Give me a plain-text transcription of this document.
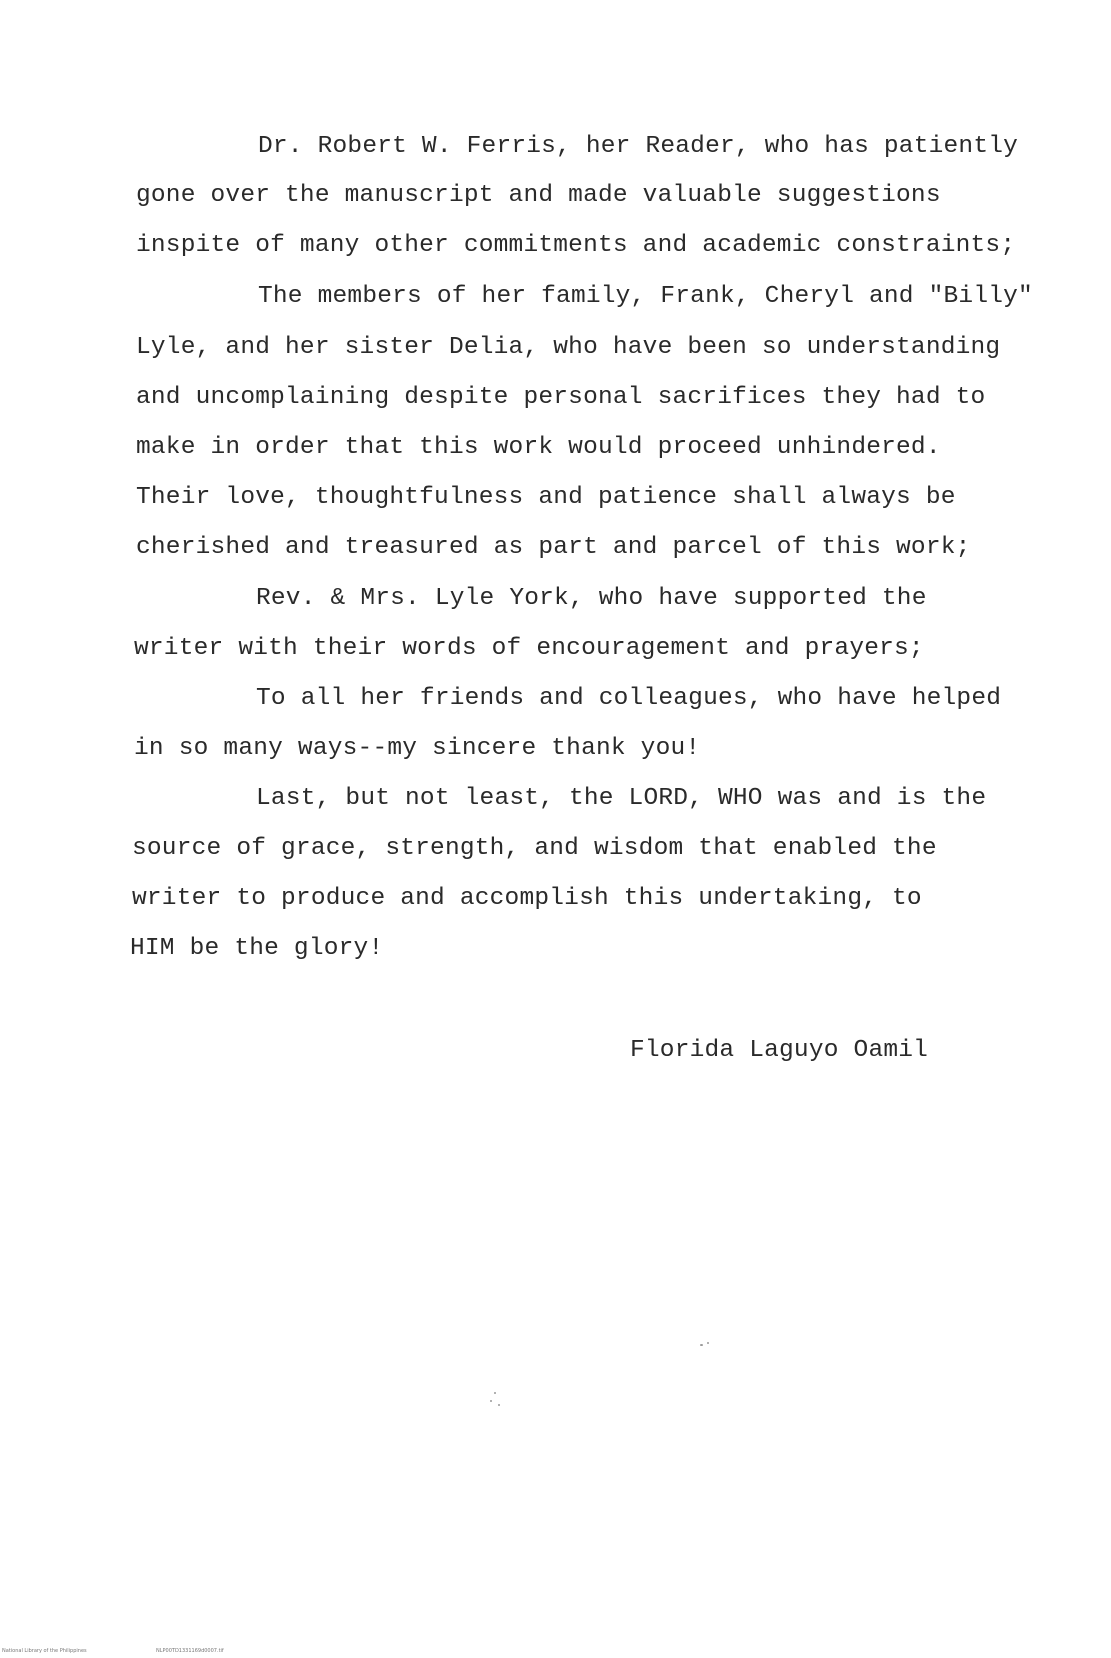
Dr. Robert W. Ferris, her Reader, who has patiently
gone over the manuscript and made valuable suggestions
inspite of many other commitments and academic constraints;
The members of her family, Frank, Cheryl and "Billy"
Lyle, and her sister Delia, who have been so understanding
and uncomplaining despite personal sacrifices they had to
make in order that this work would proceed unhindered.
Their love, thoughtfulness and patience shall always be
cherished and treasured as part and parcel of this work;
Rev. & Mrs. Lyle York, who have supported the
writer with their words of encouragement and prayers;
To all her friends and colleagues, who have helped
in so many ways--my sincere thank you!
Last, but not least, the LORD, WHO was and is the
source of grace, strength, and wisdom that enabled the
writer to produce and accomplish this undertaking, to
HIM be the glory!
Florida Laguyo Oamil
National Library of the Philippines	NLP00TD1331169d0007.tif
